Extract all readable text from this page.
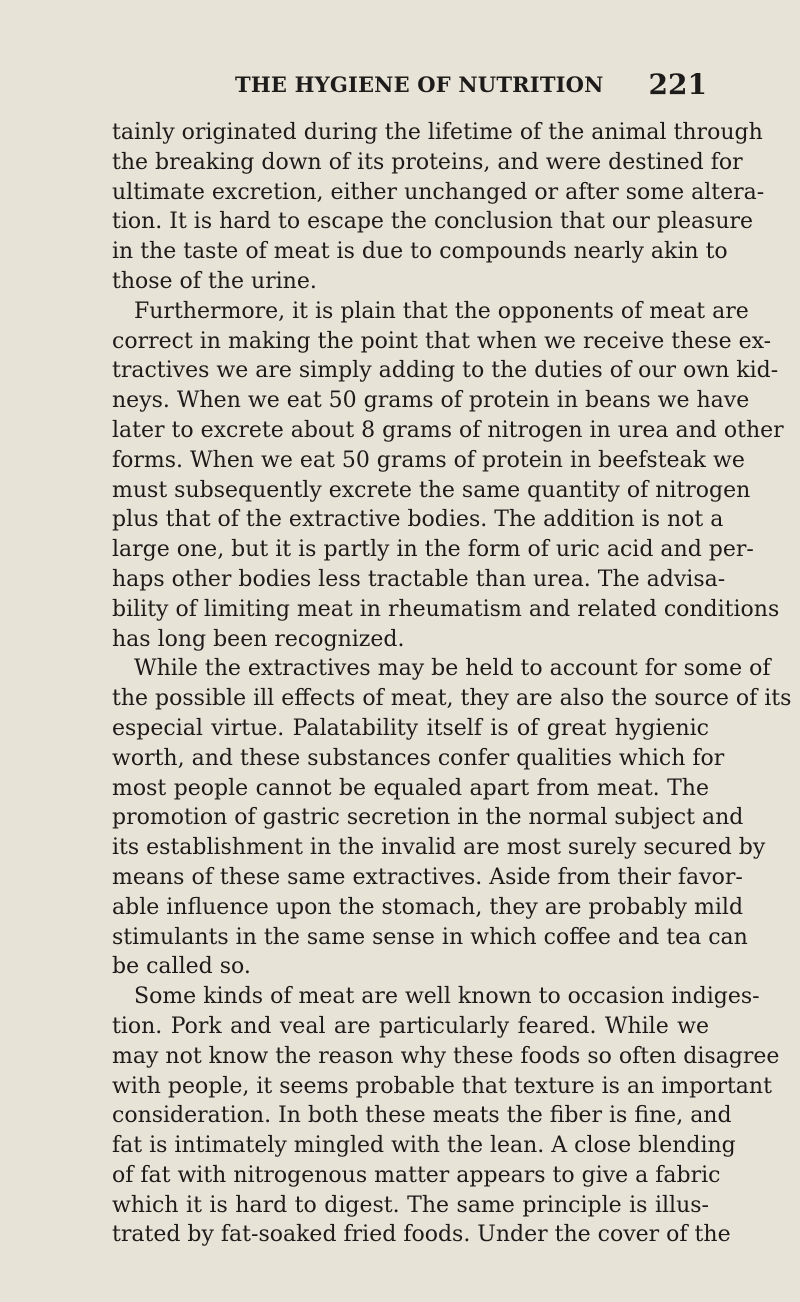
THE HYGIENE OF NUTRITION 221
tainly originated during the lifetime of the animal through
the breaking down of its proteins, and were destined for
ultimate excretion, either unchanged or after some altera-
tion. It is hard to escape the conclusion that our pleasure
in the taste of meat is due to compounds nearly akin to
those of the urine.
Furthermore, it is plain that the opponents of meat are
correct in making the point that when we receive these ex-
tractives we are simply adding to the duties of our own kid-
neys. When we eat 50 grams of protein in beans we have
later to excrete about 8 grams of nitrogen in urea and other
forms. When we eat 50 grams of protein in beefsteak we
must subsequently excrete the same quantity of nitrogen
plus that of the extractive bodies. The addition is not a
large one, but it is partly in the form of uric acid and per-
haps other bodies less tractable than urea. The advisa-
bility of limiting meat in rheumatism and related conditions
has long been recognized.
While the extractives may be held to account for some of
the possible ill effects of meat, they are also the source of its
especial virtue. Palatability itself is of great hygienic
worth, and these substances confer qualities which for
most people cannot be equaled apart from meat. The
promotion of gastric secretion in the normal subject and
its establishment in the invalid are most surely secured by
means of these same extractives. Aside from their favor-
able influence upon the stomach, they are probably mild
stimulants in the same sense in which coffee and tea can
be called so.
Some kinds of meat are well known to occasion indiges-
tion. Pork and veal are particularly feared. While we
may not know the reason why these foods so often disagree
with people, it seems probable that texture is an important
consideration. In both these meats the fiber is fine, and
fat is intimately mingled with the lean. A close blending
of fat with nitrogenous matter appears to give a fabric
which it is hard to digest. The same principle is illus-
trated by fat-soaked fried foods. Under the cover of the
